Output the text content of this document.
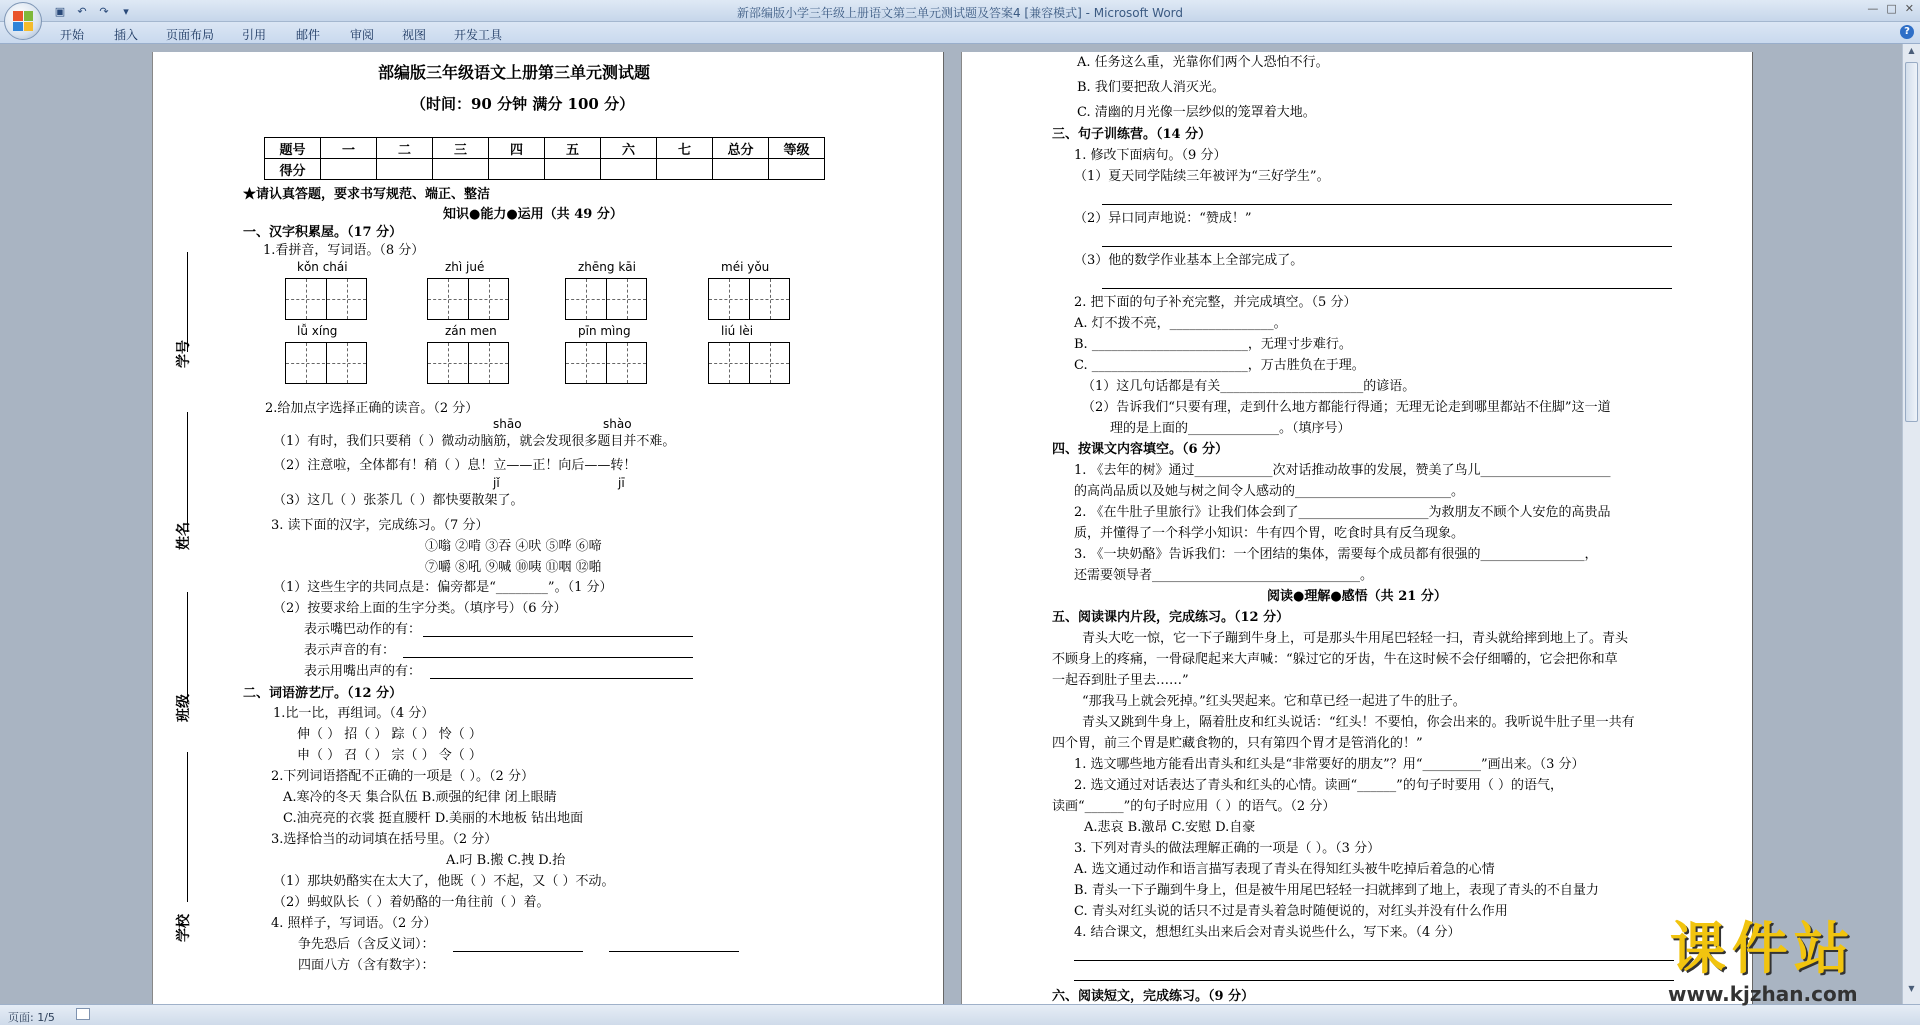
▣	↶	↷	▾	新部编版小学三年级上册语文第三单元测试题及答案4 [兼容模式] - Microsoft Word	— □ ✕
开始 插入 页面布局 引用 邮件 审阅 视图 开发工具	?
部编版三年级语文上册第三单元测试题
（时间：90 分钟 满分 100 分）
题号	一	二	三	四	五	六	七	总分	等级
得分									
★请认真答题，要求书写规范、端正、整洁
知识●能力●运用（共 49 分）
学号
姓名
班级
学校
一、汉字积累屋。（17 分）
1.看拼音，写词语。（8 分）
kǒn chái	zhì jué	zhēng kāi	méi yǒu
lǚ xíng	zán men	pīn mìng	liú lèi
2.给加点字选择正确的读音。（2 分）
shāo	shào
（1）有时，我们只要稍（ ）微动动脑筋，就会发现很多题目并不难。
（2）注意啦，全体都有！稍（ ）息！立——正！向后——转！
jǐ	jī
（3）这几（ ）张茶几（ ）都快要散架了。
3. 读下面的汉字，完成练习。（7 分）
①嗡 ②啃 ③吞 ④吠 ⑤哗 ⑥啼
⑦嚼 ⑧吼 ⑨喊 ⑩咦 ⑪咽 ⑫啪
（1）这些生字的共同点是：偏旁都是“________”。（1 分）
（2）按要求给上面的生字分类。（填序号）（6 分）
表示嘴巴动作的有：
表示声音的有：
表示用嘴出声的有：
二、词语游艺厅。（12 分）
1.比一比，再组词。（4 分）
伸（ ） 招（ ） 踪（ ） 怜（ ）
申（ ） 召（ ） 宗（ ） 令（ ）
2.下列词语搭配不正确的一项是（ ）。（2 分）
A.寒冷的冬天 集合队伍 B.顽强的纪律 闭上眼睛
C.油亮亮的衣裳 挺直腰杆 D.美丽的木地板 钻出地面
3.选择恰当的动词填在括号里。（2 分）
A.叼 B.搬 C.拽 D.抬
（1）那块奶酪实在太大了，他既（ ）不起，又（ ）不动。
（2）蚂蚁队长（ ）着奶酪的一角往前（ ）着。
4. 照样子，写词语。（2 分）
争先恐后（含反义词）：
四面八方（含有数字）：
A. 任务这么重，光靠你们两个人恐怕不行。
B. 我们要把敌人消灭光。
C. 清幽的月光像一层纱似的笼罩着大地。
三、句子训练营。（14 分）
1. 修改下面病句。（9 分）
（1）夏天同学陆续三年被评为“三好学生”。
（2）异口同声地说：“赞成！”
（3）他的数学作业基本上全部完成了。
2. 把下面的句子补充完整，并完成填空。（5 分）
A. 灯不拨不亮，________________。
B. ________________________，无理寸步难行。
C. ________________________，万古胜负在于理。
（1）这几句话都是有关______________________的谚语。
（2）告诉我们“只要有理，走到什么地方都能行得通；无理无论走到哪里都站不住脚”这一道
理的是上面的______________。（填序号）
四、按课文内容填空。（6 分）
1. 《去年的树》通过____________次对话推动故事的发展，赞美了鸟儿____________________
的高尚品质以及她与树之间令人感动的________________________。
2. 《在牛肚子里旅行》让我们体会到了____________________为救朋友不顾个人安危的高贵品
质，并懂得了一个科学小知识：牛有四个胃，吃食时具有反刍现象。
3. 《一块奶酪》告诉我们：一个团结的集体，需要每个成员都有很强的________________，
还需要领导者________________________________。
阅读●理解●感悟（共 21 分）
五、阅读课内片段，完成练习。（12 分）
青头大吃一惊，它一下子蹦到牛身上，可是那头牛用尾巴轻轻一扫，青头就给摔到地上了。青头
不顾身上的疼痛，一骨碌爬起来大声喊：“躲过它的牙齿，牛在这时候不会仔细嚼的，它会把你和草
一起吞到肚子里去……”
“那我马上就会死掉。”红头哭起来。它和草已经一起进了牛的肚子。
青头又跳到牛身上，隔着肚皮和红头说话：“红头！不要怕，你会出来的。我听说牛肚子里一共有
四个胃，前三个胃是贮藏食物的，只有第四个胃才是管消化的！”
1. 选文哪些地方能看出青头和红头是“非常要好的朋友”？用“_________”画出来。（3 分）
2. 选文通过对话表达了青头和红头的心情。读画“______”的句子时要用（ ）的语气，
读画“______”的句子时应用（ ）的语气。（2 分）
A.悲哀 B.激昂 C.安慰 D.自豪
3. 下列对青头的做法理解正确的一项是（ ）。（3 分）
A. 选文通过动作和语言描写表现了青头在得知红头被牛吃掉后着急的心情
B. 青头一下子蹦到牛身上，但是被牛用尾巴轻轻一扫就摔到了地上，表现了青头的不自量力
C. 青头对红头说的话只不过是青头着急时随便说的，对红头并没有什么作用
4. 结合课文，想想红头出来后会对青头说些什么，写下来。（4 分）
六、阅读短文，完成练习。（9 分）
▲
▼
课件站
www.kjzhan.com
页面: 1/5
